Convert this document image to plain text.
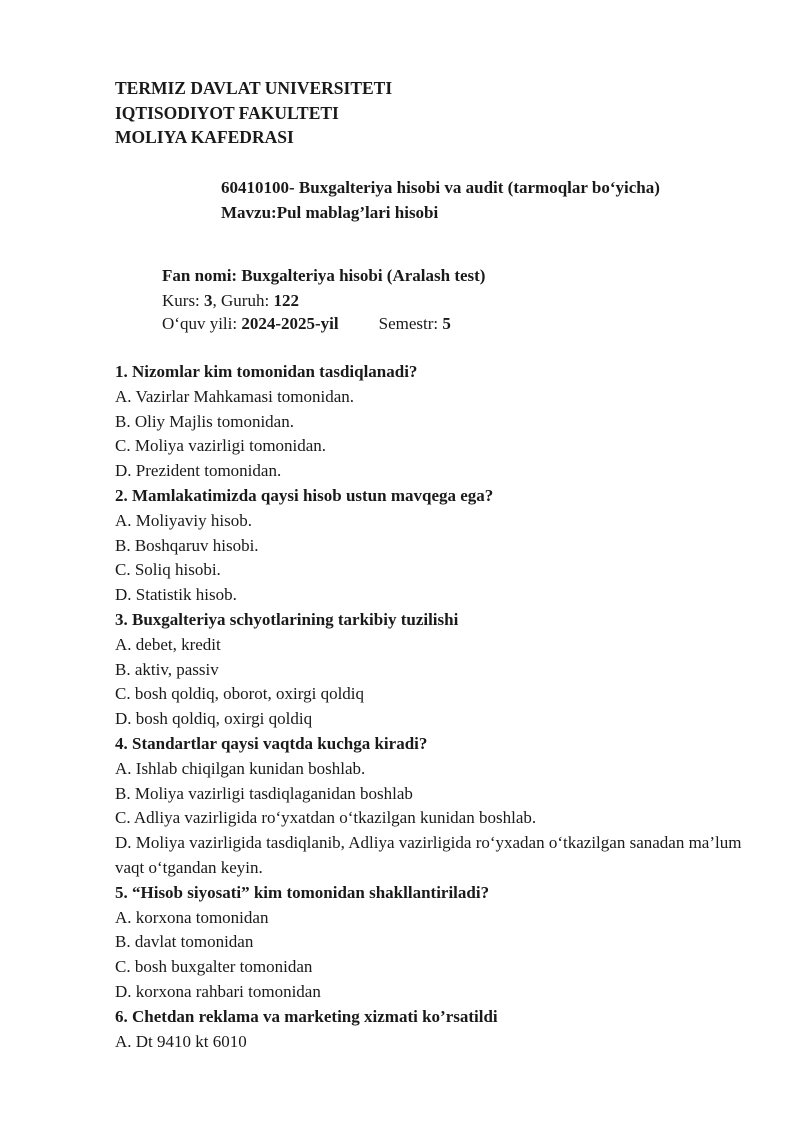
TERMIZ DAVLAT UNIVERSITETI
IQTISODIYOT FAKULTETI
MOLIYA KAFEDRASI
60410100- Buxgalteriya hisobi va audit (tarmoqlar bo‘yicha)
Mavzu:Pul mablag’lari hisobi
Fan nomi: Buxgalteriya hisobi (Aralash test)
Kurs: 3, Guruh: 122
O‘quv yili: 2024-2025-yil Semestr: 5
1. Nizomlar kim tomonidan tasdiqlanadi?
A. Vazirlar Mahkamasi tomonidan.
B. Oliy Majlis tomonidan.
C. Moliya vazirligi tomonidan.
D. Prezident tomonidan.
2. Mamlakatimizda qaysi hisob ustun mavqega ega?
A. Moliyaviy hisob.
B. Boshqaruv hisobi.
C. Soliq hisobi.
D. Statistik hisob.
3. Buxgalteriya schyotlarining tarkibiy tuzilishi
A. debet, kredit
B. aktiv, passiv
C. bosh qoldiq, oborot, oxirgi qoldiq
D. bosh qoldiq, oxirgi qoldiq
4. Standartlar qaysi vaqtda kuchga kiradi?
A. Ishlab chiqilgan kunidan boshlab.
B. Moliya vazirligi tasdiqlaganidan boshlab
C. Adliya vazirligida ro‘yxatdan o‘tkazilgan kunidan boshlab.
D. Moliya vazirligida tasdiqlanib, Adliya vazirligida ro‘yxadan o‘tkazilgan sanadan ma’lum vaqt o‘tgandan keyin.
5. “Hisob siyosati” kim tomonidan shakllantiriladi?
A. korxona tomonidan
B. davlat tomonidan
C. bosh buxgalter tomonidan
D. korxona rahbari tomonidan
6. Chetdan reklama va marketing xizmati ko’rsatildi
A. Dt 9410 kt 6010
